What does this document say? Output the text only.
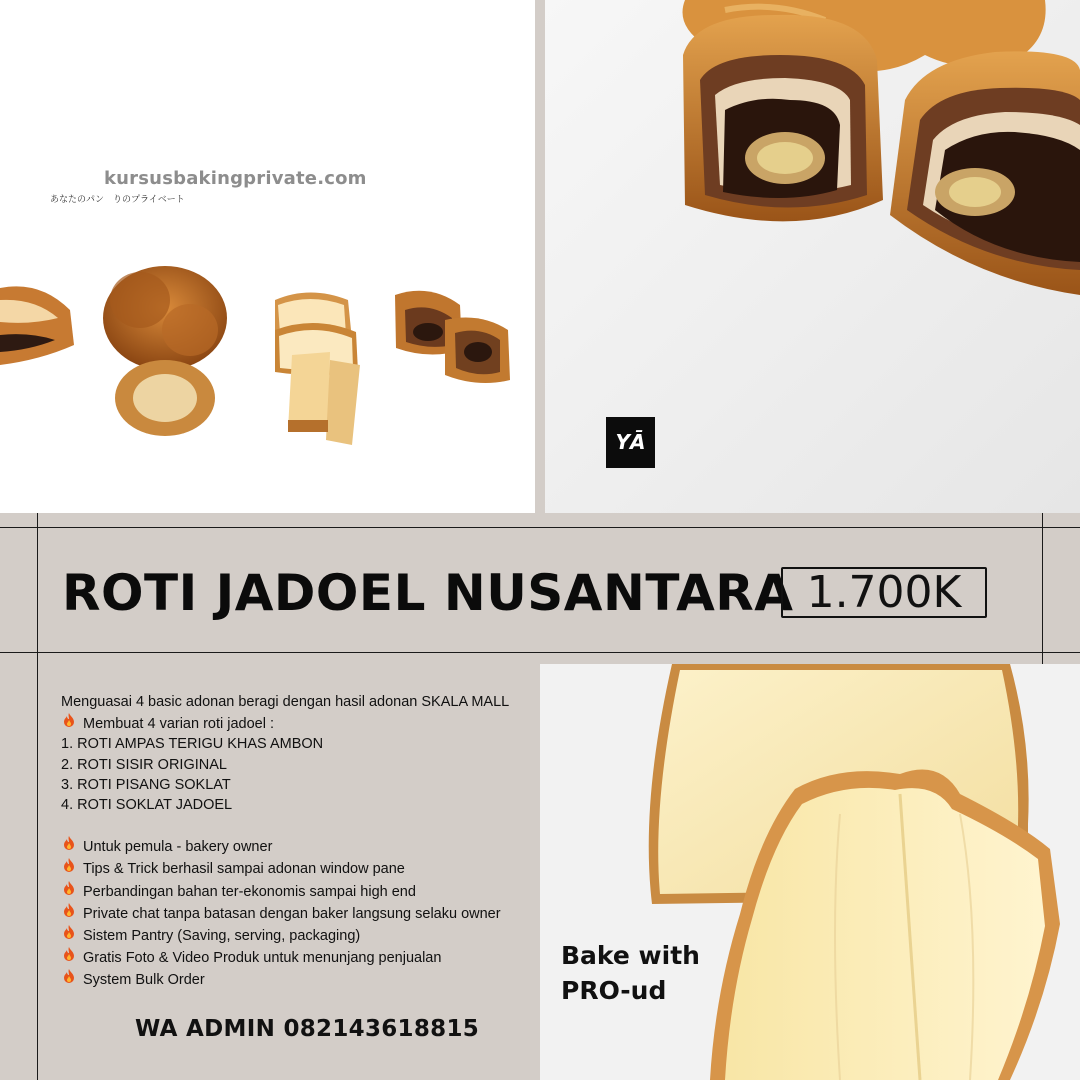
kursusbakingprivate.com
あなたのパン　りのプライベート
YĀ
ROTI JADOEL NUSANTARA 1.700K

Menguasai 4 basic adonan beragi dengan hasil adonan SKALA MALL

Membuat 4 varian roti jadoel :

1. ROTI AMPAS TERIGU KHAS AMBON

2. ROTI SISIR ORIGINAL

3. ROTI PISANG SOKLAT

4. ROTI SOKLAT JADOEL

Untuk pemula - bakery owner

Tips & Trick berhasil sampai adonan window pane

Perbandingan bahan ter-ekonomis sampai high end

Private chat tanpa batasan dengan baker langsung selaku owner

Sistem Pantry (Saving, serving, packaging)

Gratis Foto & Video Produk untuk menunjang penjualan

System Bulk Order

WA ADMIN 082143618815
Bake with
PRO-ud
